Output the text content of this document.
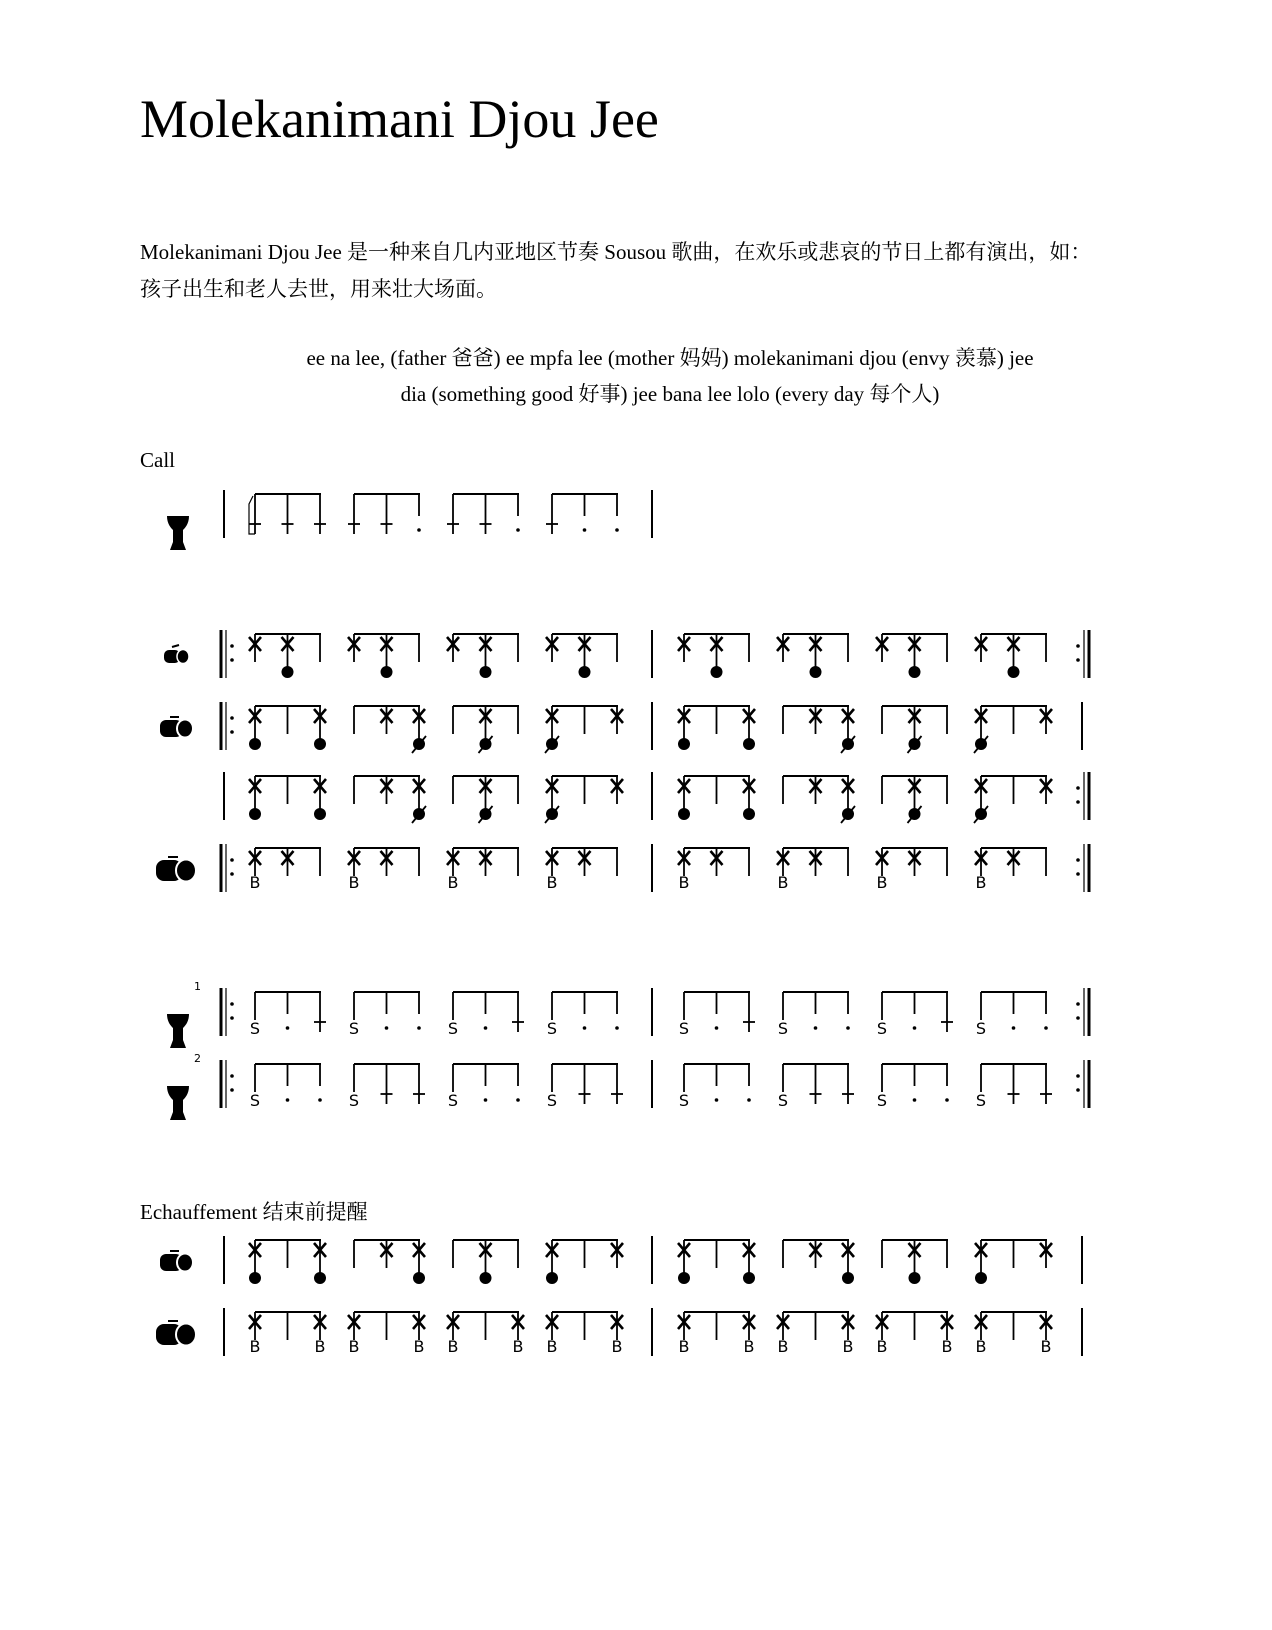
Molekanimani Djou Jee
Molekanimani Djou Jee 是一种来自几内亚地区节奏 Sousou 歌曲，在欢乐或悲哀的节日上都有演出，如：孩子出生和老人去世，用来壮大场面。
ee na lee, (father 爸爸) ee mpfa lee (mother 妈妈) molekanimani djou (envy 羡慕) jee
dia (something good 好事) jee bana lee lolo (every day 每个人)
Call
Echauffement 结束前提醒
B	B	B	B	B	B	B	B
1
S	S	S	S	S	S	S	S
2
S	S	S	S	S	S	S	S
B	B B	B B	B B	B	B	B B	B B	B B	B
